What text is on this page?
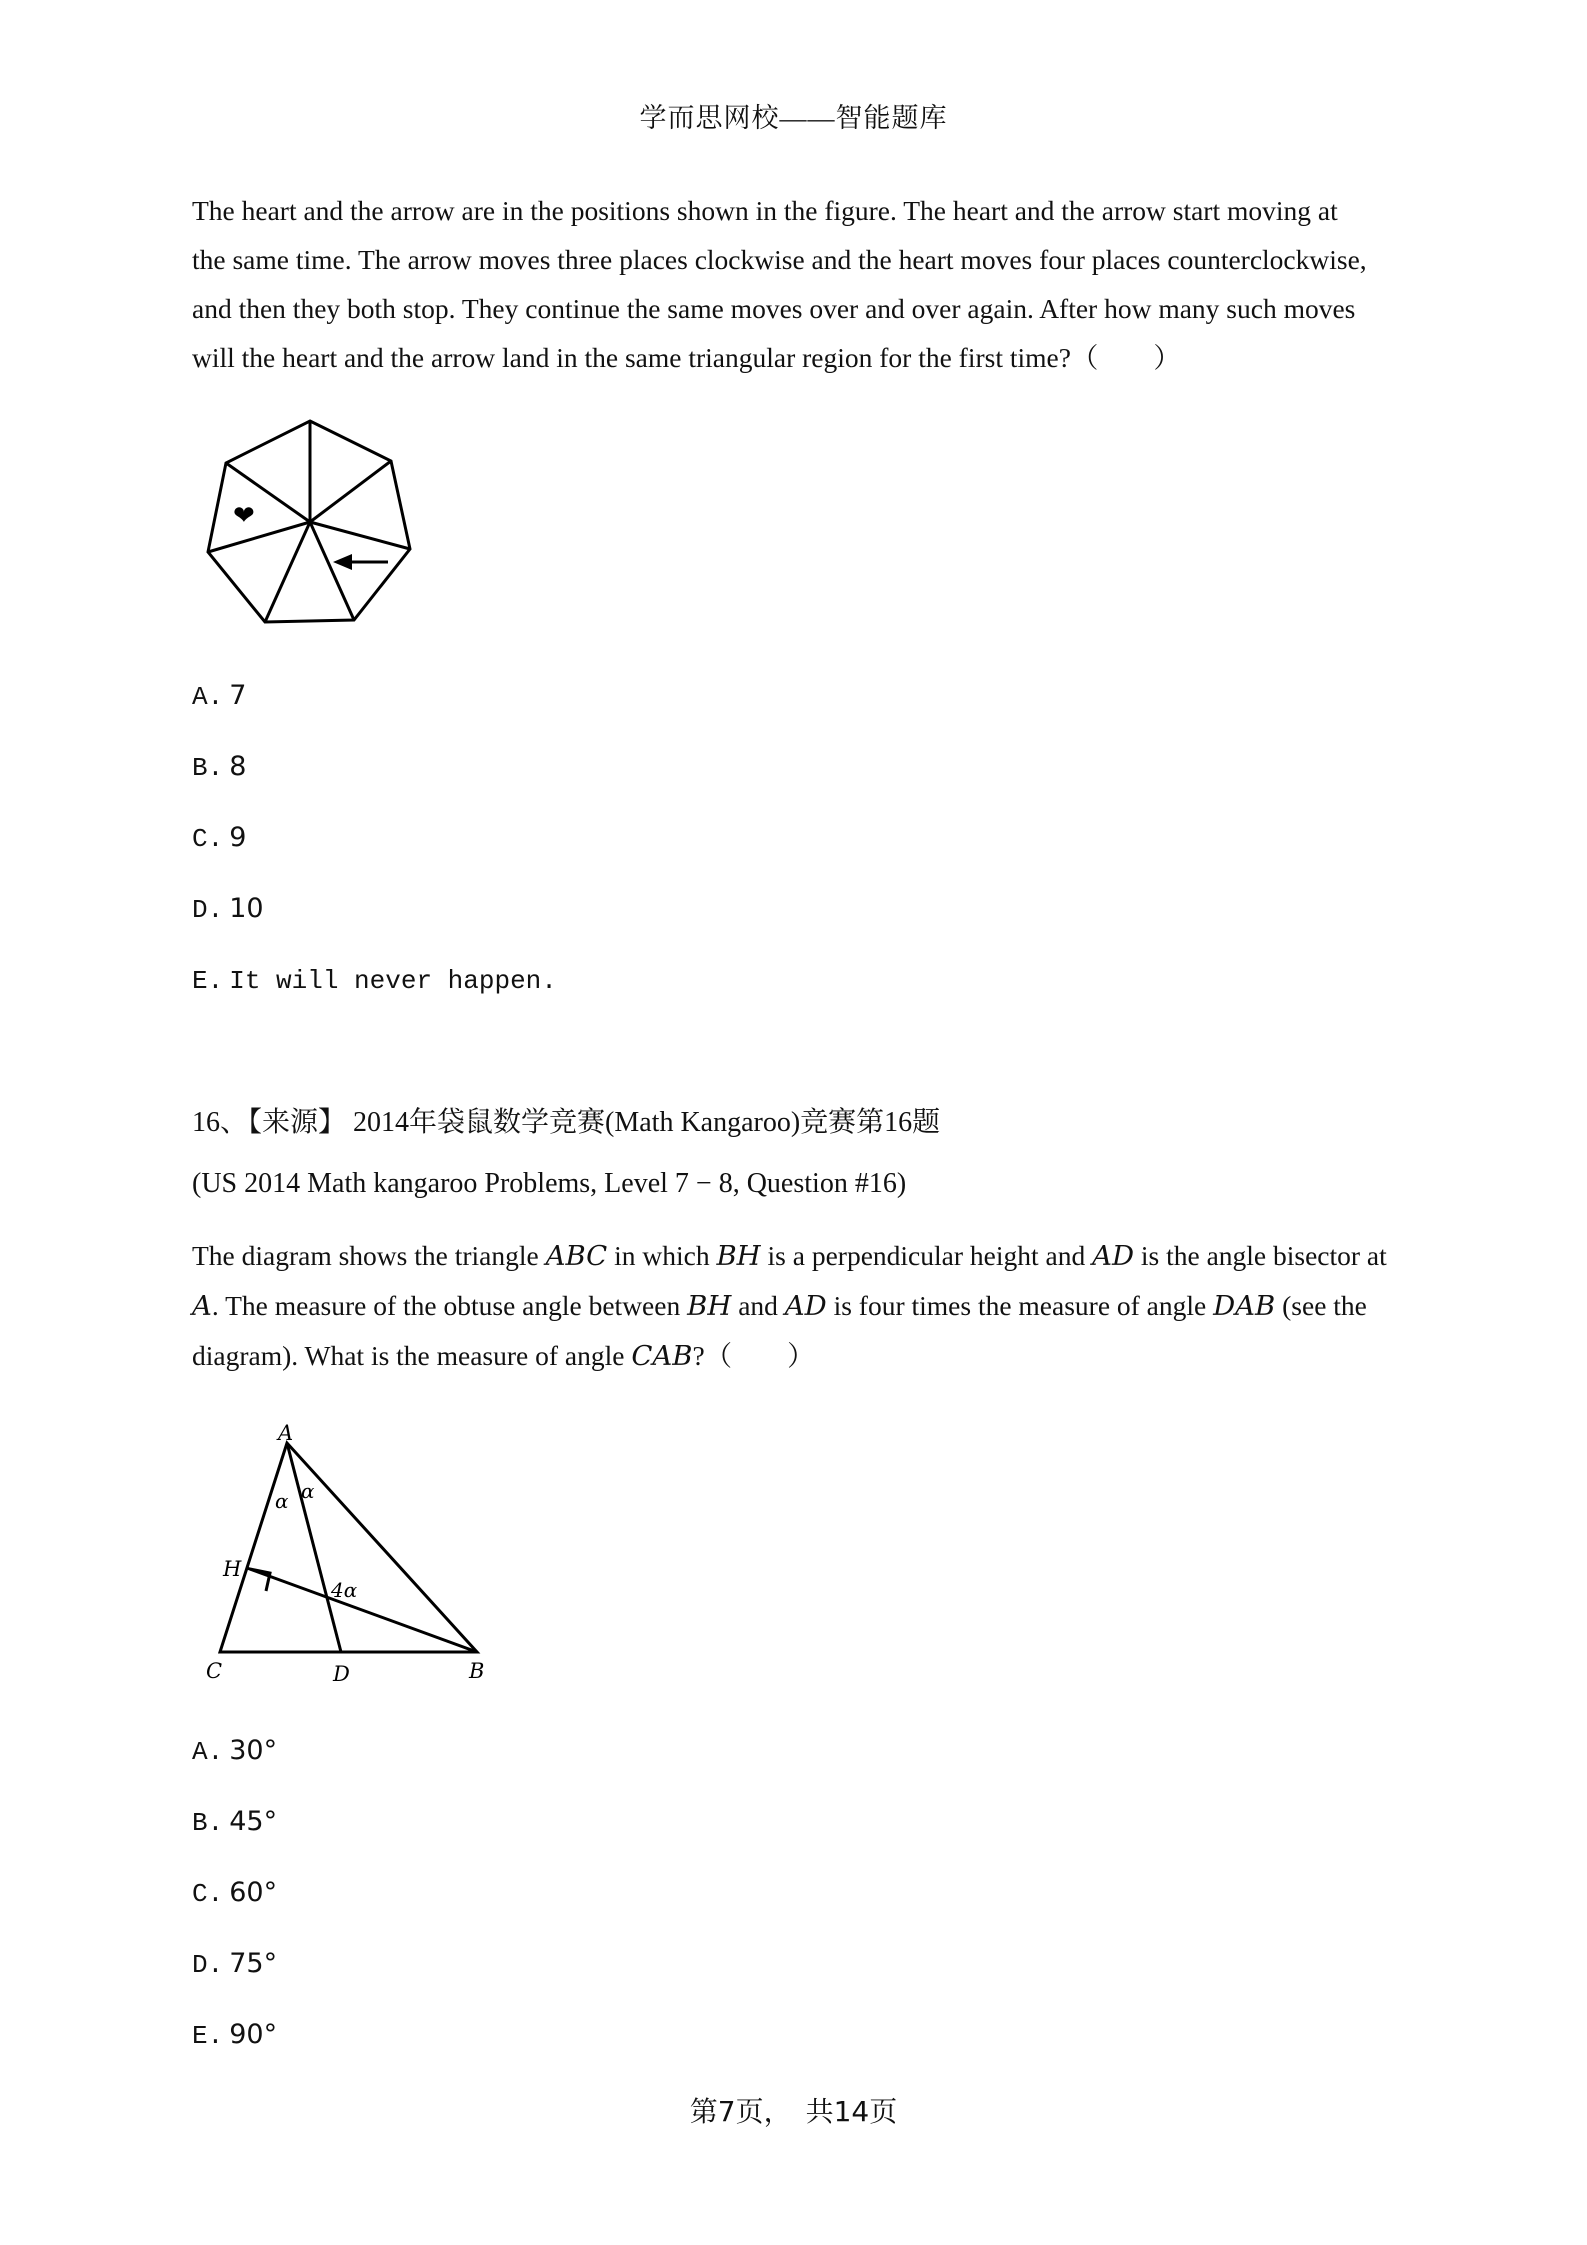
学而思网校——智能题库
The heart and the arrow are in the positions shown in the figure. The heart and the arrow start moving at
the same time. The arrow moves three places clockwise and the heart moves four places counterclockwise,
and then they both stop. They continue the same moves over and over again. After how many such moves
will the heart and the arrow land in the same triangular region for the first time?（　　）
❤
A. 7
B. 8
C. 9
D. 10
E. It will never happen.
16、【来源】 2014年袋鼠数学竞赛(Math Kangaroo)竞赛第16题
(US 2014 Math kangaroo Problems, Level 7 − 8, Question #16)
The diagram shows the triangle ABC in which BH is a perpendicular height and AD is the angle bisector at
A. The measure of the obtuse angle between BH and AD is four times the measure of angle DAB (see the
diagram). What is the measure of angle CAB?（　　）
A
H
C	D	B
α α
4α
A. 30°
B. 45°
C. 60°
D. 75°
E. 90°
第7页，　共14页
